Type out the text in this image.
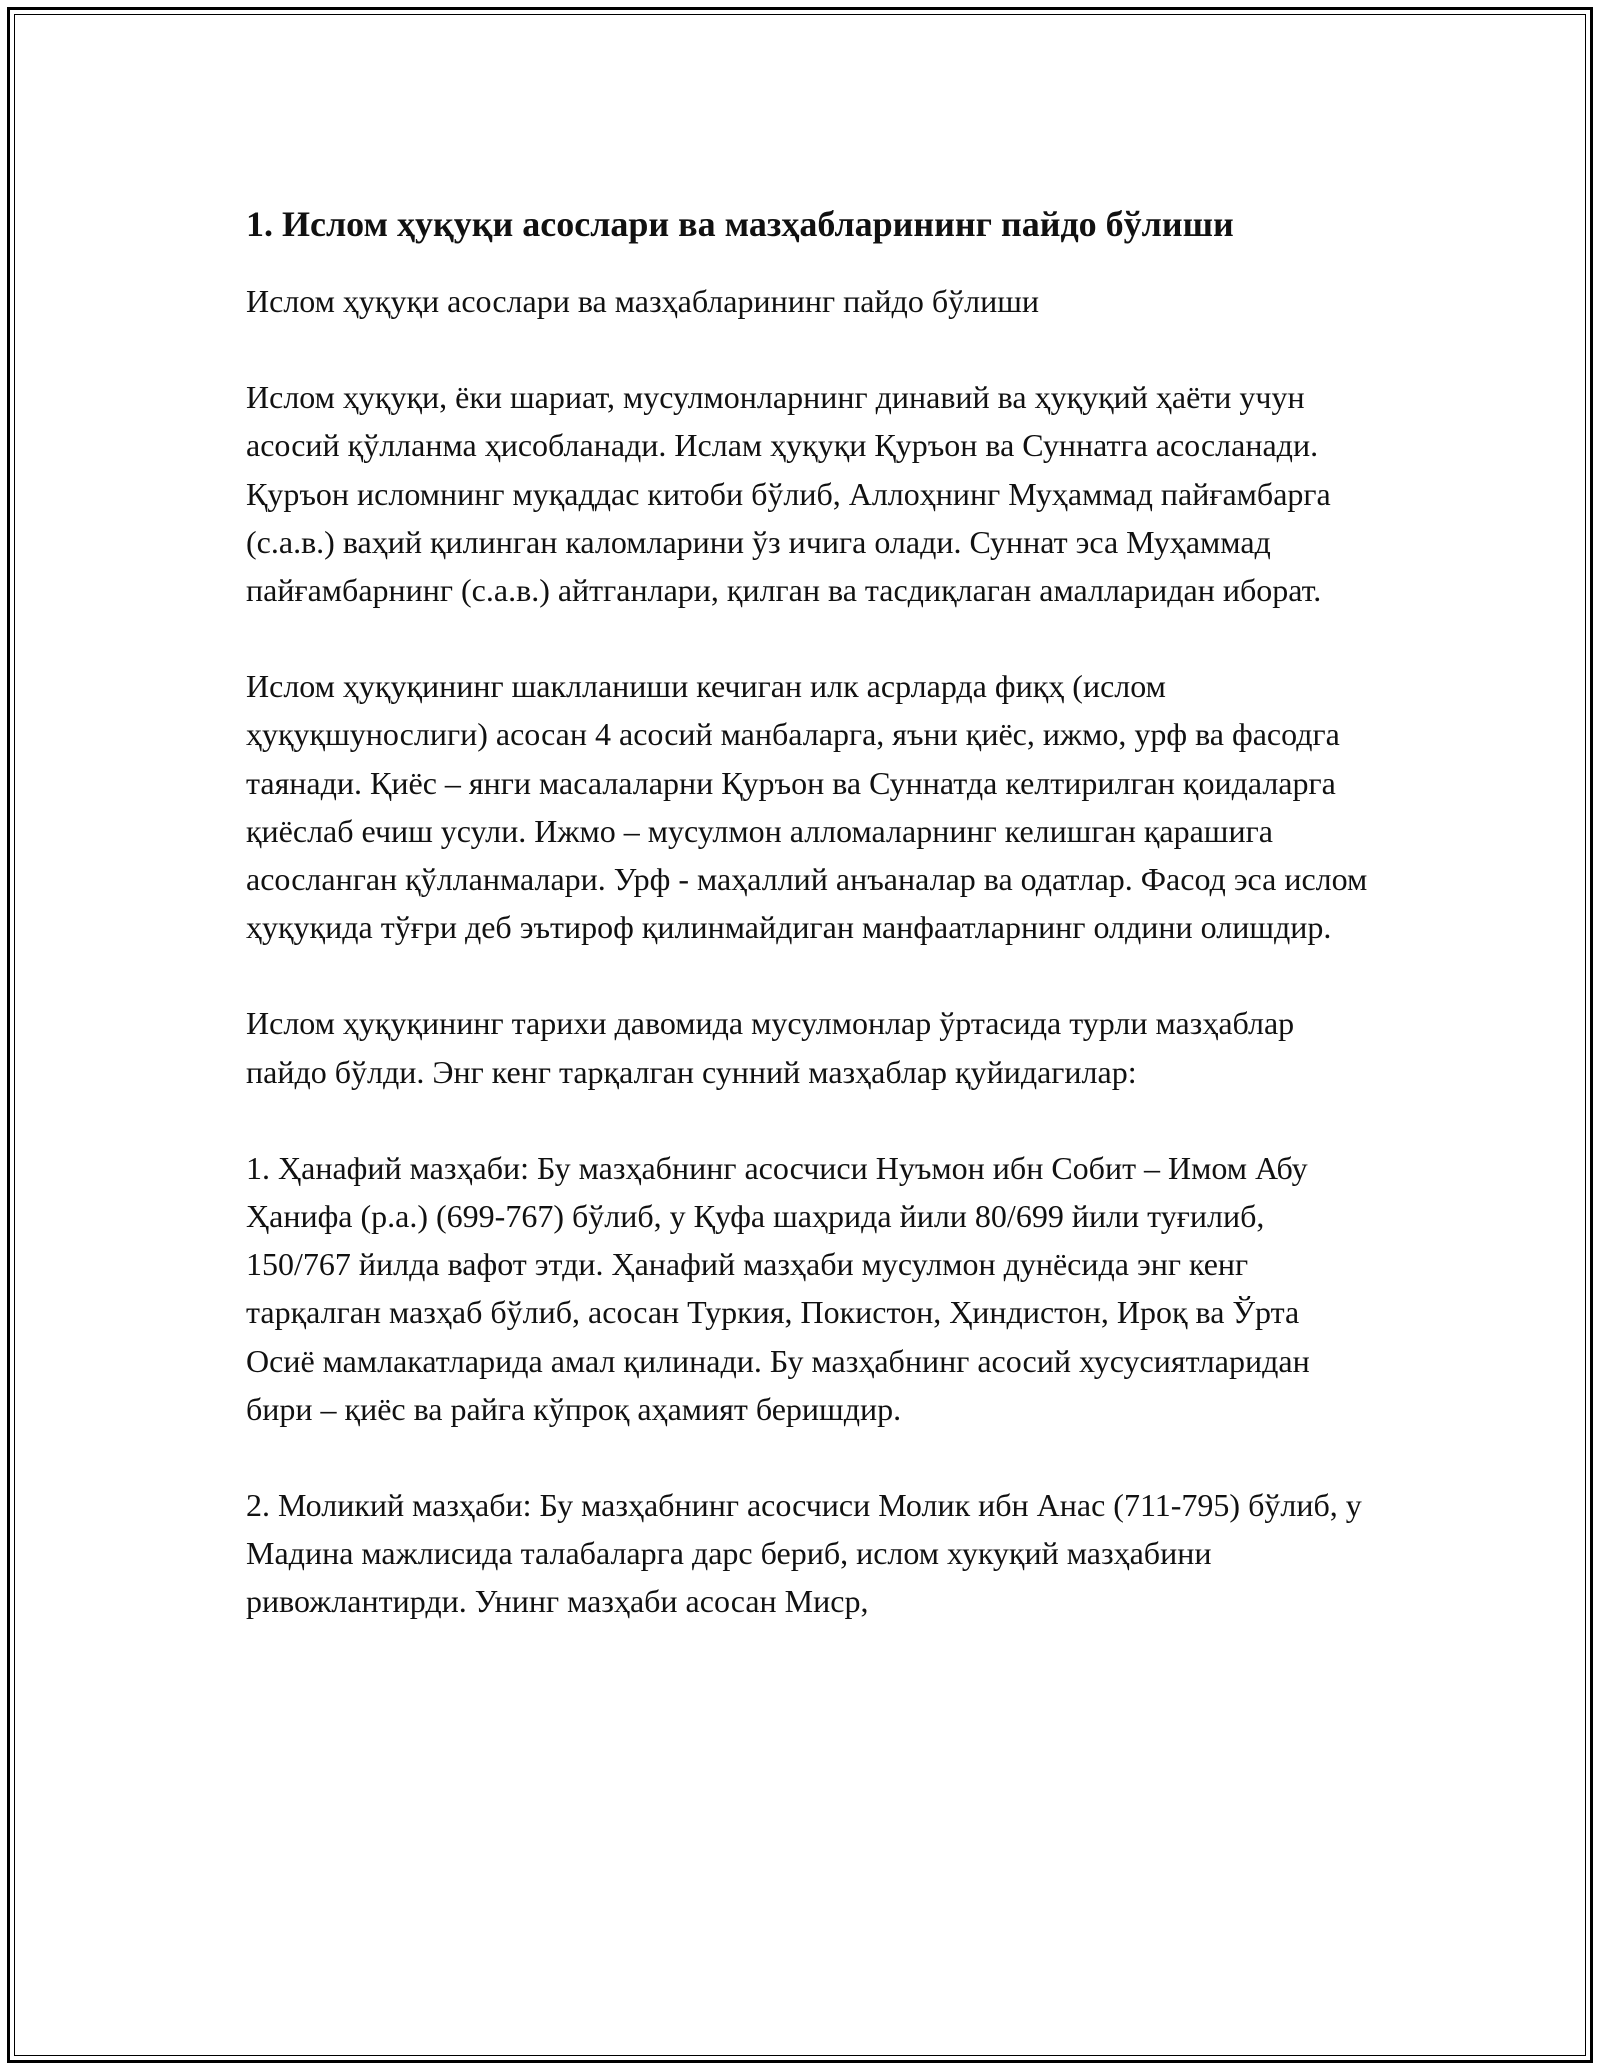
1. Ислом ҳуқуқи асослари ва мазҳабларининг пайдо бўлиши

Ислом ҳуқуқи асослари ва мазҳабларининг пайдо бўлиши

Ислом ҳуқуқи, ёки шариат, мусулмонларнинг динавий ва ҳуқуқий ҳаёти учун асосий қўлланма ҳисобланади. Ислам ҳуқуқи Қуръон ва Суннатга асосланади. Қуръон исломнинг муқаддас китоби бўлиб, Аллоҳнинг Муҳаммад пайғамбарга (с.а.в.) ваҳий қилинган каломларини ўз ичига олади. Суннат эса Муҳаммад пайғамбарнинг (с.а.в.) айтганлари, қилган ва тасдиқлаган амалларидан иборат.

Ислом ҳуқуқининг шаклланиши кечиган илк асрларда фиқҳ (ислом ҳуқуқшунослиги) асосан 4 асосий манбаларга, яъни қиёс, ижмо, урф ва фасодга таянади. Қиёс – янги масалаларни Қуръон ва Суннатда келтирилган қоидаларга қиёслаб ечиш усули. Ижмо – мусулмон алломаларнинг келишган қарашига асосланган қўлланмалари. Урф - маҳаллий анъаналар ва одатлар. Фасод эса ислом ҳуқуқида тўғри деб эътироф қилинмайдиган манфаатларнинг олдини олишдир.

Ислом ҳуқуқининг тарихи давомида мусулмонлар ўртасида турли мазҳаблар пайдо бўлди. Энг кенг тарқалган сунний мазҳаблар қуйидагилар:

1. Ҳанафий мазҳаби: Бу мазҳабнинг асосчиси Нуъмон ибн Собит – Имом Абу Ҳанифа (р.а.) (699-767) бўлиб, у Қуфа шаҳрида йили 80/699 йили туғилиб, 150/767 йилда вафот этди. Ҳанафий мазҳаби мусулмон дунёсида энг кенг тарқалган мазҳаб бўлиб, асосан Туркия, Покистон, Ҳиндистон, Ироқ ва Ўрта Осиё мамлакатларида амал қилинади. Бу мазҳабнинг асосий хусусиятларидан бири – қиёс ва райга кўпроқ аҳамият беришдир.

2. Моликий мазҳаби: Бу мазҳабнинг асосчиси Молик ибн Анас (711-795) бўлиб, у Мадина мажлисида талабаларга дарс бериб, ислом хукуқий мазҳабини ривожлантирди. Унинг мазҳаби асосан Миср,
